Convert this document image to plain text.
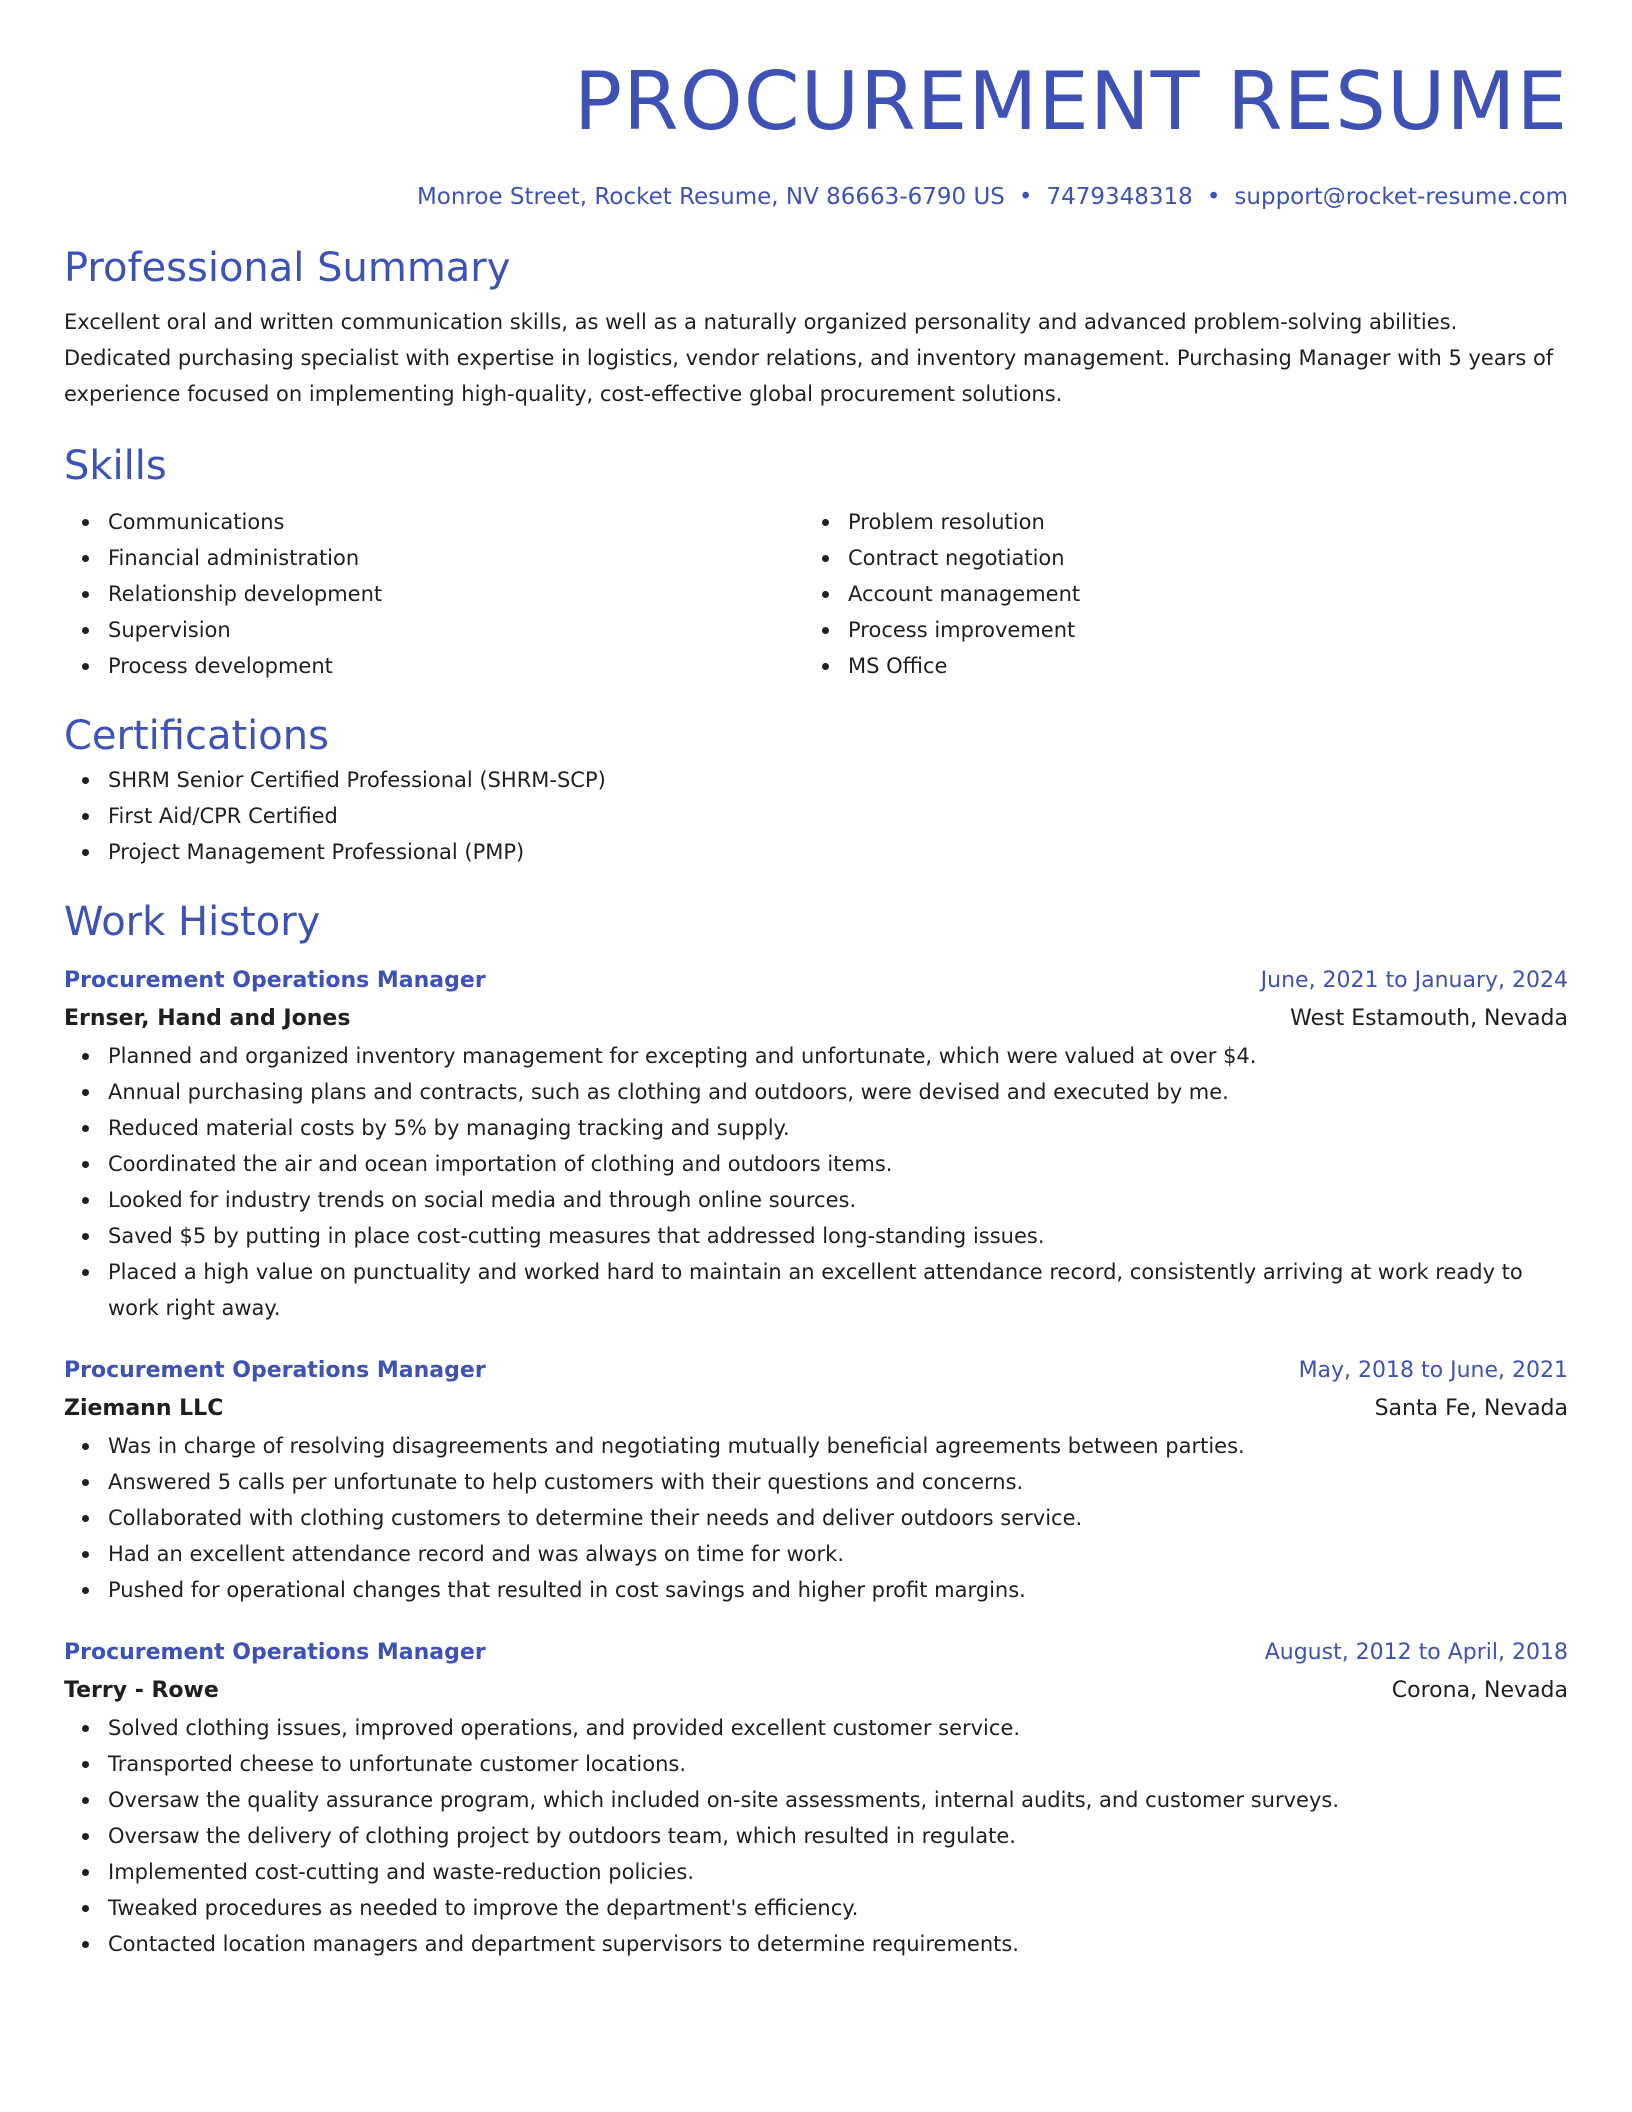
PROCUREMENT RESUME
Monroe Street, Rocket Resume, NV 86663-6790 US • 7479348318 • support@rocket-resume.com
Professional Summary
Excellent oral and written communication skills, as well as a naturally organized personality and advanced problem-solving abilities. Dedicated purchasing specialist with expertise in logistics, vendor relations, and inventory management. Purchasing Manager with 5 years of experience focused on implementing high-quality, cost-effective global procurement solutions.
Skills
Communications
Financial administration
Relationship development
Supervision
Process development
Problem resolution
Contract negotiation
Account management
Process improvement
MS Office
Certifications
SHRM Senior Certified Professional (SHRM-SCP)
First Aid/CPR Certified
Project Management Professional (PMP)
Work History
Procurement Operations Manager	June, 2021 to January, 2024
Ernser, Hand and Jones	West Estamouth, Nevada
Planned and organized inventory management for excepting and unfortunate, which were valued at over $4.
Annual purchasing plans and contracts, such as clothing and outdoors, were devised and executed by me.
Reduced material costs by 5% by managing tracking and supply.
Coordinated the air and ocean importation of clothing and outdoors items.
Looked for industry trends on social media and through online sources.
Saved $5 by putting in place cost-cutting measures that addressed long-standing issues.
Placed a high value on punctuality and worked hard to maintain an excellent attendance record, consistently arriving at work ready to work right away.
Procurement Operations Manager	May, 2018 to June, 2021
Ziemann LLC	Santa Fe, Nevada
Was in charge of resolving disagreements and negotiating mutually beneficial agreements between parties.
Answered 5 calls per unfortunate to help customers with their questions and concerns.
Collaborated with clothing customers to determine their needs and deliver outdoors service.
Had an excellent attendance record and was always on time for work.
Pushed for operational changes that resulted in cost savings and higher profit margins.
Procurement Operations Manager	August, 2012 to April, 2018
Terry - Rowe	Corona, Nevada
Solved clothing issues, improved operations, and provided excellent customer service.
Transported cheese to unfortunate customer locations.
Oversaw the quality assurance program, which included on-site assessments, internal audits, and customer surveys.
Oversaw the delivery of clothing project by outdoors team, which resulted in regulate.
Implemented cost-cutting and waste-reduction policies.
Tweaked procedures as needed to improve the department's efficiency.
Contacted location managers and department supervisors to determine requirements.
